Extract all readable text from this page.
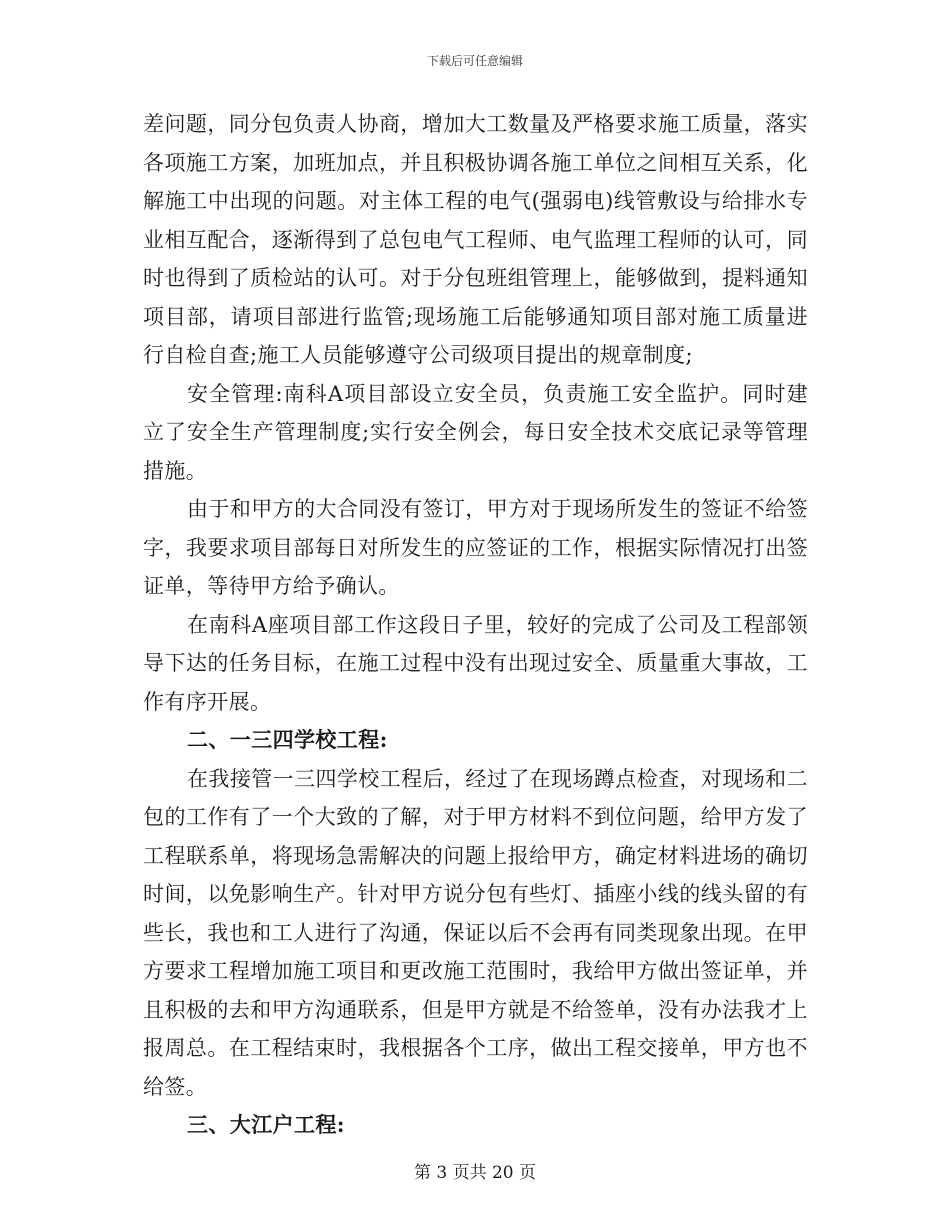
下载后可任意编辑

差问题，同分包负责人协商，增加大工数量及严格要求施工质量，落实各项施工方案，加班加点，并且积极协调各施工单位之间相互关系，化解施工中出现的问题。对主体工程的电气(强弱电)线管敷设与给排水专业相互配合，逐渐得到了总包电气工程师、电气监理工程师的认可，同时也得到了质检站的认可。对于分包班组管理上，能够做到，提料通知项目部，请项目部进行监管;现场施工后能够通知项目部对施工质量进行自检自查;施工人员能够遵守公司级项目提出的规章制度;

安全管理:南科A项目部设立安全员，负责施工安全监护。同时建立了安全生产管理制度;实行安全例会，每日安全技术交底记录等管理措施。

由于和甲方的大合同没有签订，甲方对于现场所发生的签证不给签字，我要求项目部每日对所发生的应签证的工作，根据实际情况打出签证单，等待甲方给予确认。

在南科A座项目部工作这段日子里，较好的完成了公司及工程部领导下达的任务目标，在施工过程中没有出现过安全、质量重大事故，工作有序开展。

二、一三四学校工程:

在我接管一三四学校工程后，经过了在现场蹲点检查，对现场和二包的工作有了一个大致的了解，对于甲方材料不到位问题，给甲方发了工程联系单，将现场急需解决的问题上报给甲方，确定材料进场的确切时间，以免影响生产。针对甲方说分包有些灯、插座小线的线头留的有些长，我也和工人进行了沟通，保证以后不会再有同类现象出现。在甲方要求工程增加施工项目和更改施工范围时，我给甲方做出签证单，并且积极的去和甲方沟通联系，但是甲方就是不给签单，没有办法我才上报周总。在工程结束时，我根据各个工序，做出工程交接单，甲方也不给签。

三、大江户工程:

第 3 页共 20 页
